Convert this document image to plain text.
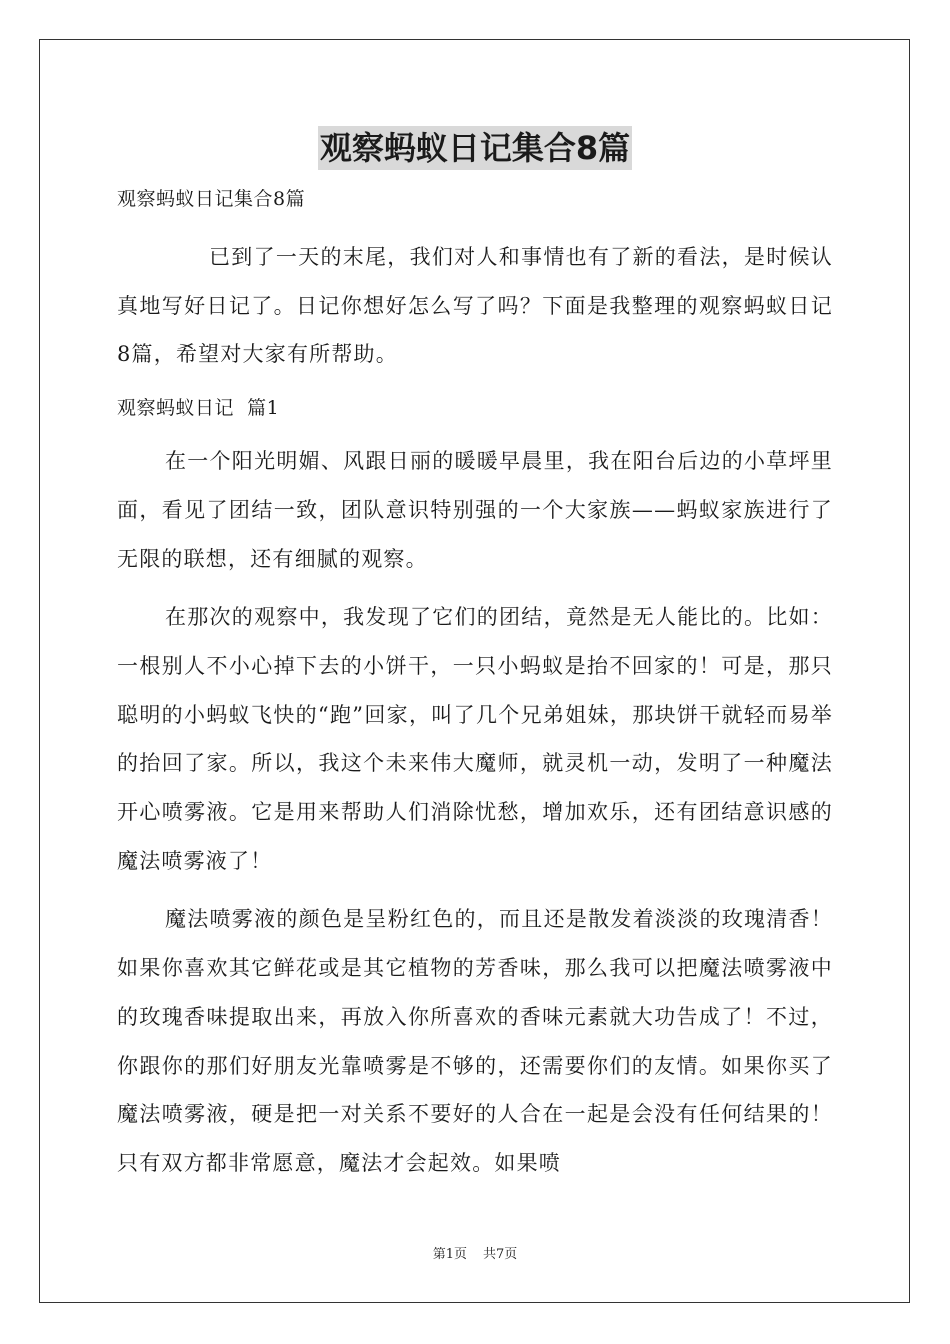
观察蚂蚁日记集合8篇
观察蚂蚁日记集合8篇

已到了一天的末尾，我们对人和事情也有了新的看法，是时候认真地写好日记了。日记你想好怎么写了吗？下面是我整理的观察蚂蚁日记8篇，希望对大家有所帮助。

观察蚂蚁日记  篇1

在一个阳光明媚、风跟日丽的暖暖早晨里，我在阳台后边的小草坪里面，看见了团结一致，团队意识特别强的一个大家族——蚂蚁家族进行了无限的联想，还有细腻的观察。

在那次的观察中，我发现了它们的团结，竟然是无人能比的。比如：一根别人不小心掉下去的小饼干，一只小蚂蚁是抬不回家的！可是，那只聪明的小蚂蚁飞快的“跑”回家，叫了几个兄弟姐妹，那块饼干就轻而易举的抬回了家。所以，我这个未来伟大魔师，就灵机一动，发明了一种魔法开心喷雾液。它是用来帮助人们消除忧愁，增加欢乐，还有团结意识感的魔法喷雾液了！

魔法喷雾液的颜色是呈粉红色的，而且还是散发着淡淡的玫瑰清香！如果你喜欢其它鲜花或是其它植物的芳香味，那么我可以把魔法喷雾液中的玫瑰香味提取出来，再放入你所喜欢的香味元素就大功告成了！不过，你跟你的那们好朋友光靠喷雾是不够的，还需要你们的友情。如果你买了魔法喷雾液，硬是把一对关系不要好的人合在一起是会没有任何结果的！只有双方都非常愿意，魔法才会起效。如果喷

第1页 共7页
